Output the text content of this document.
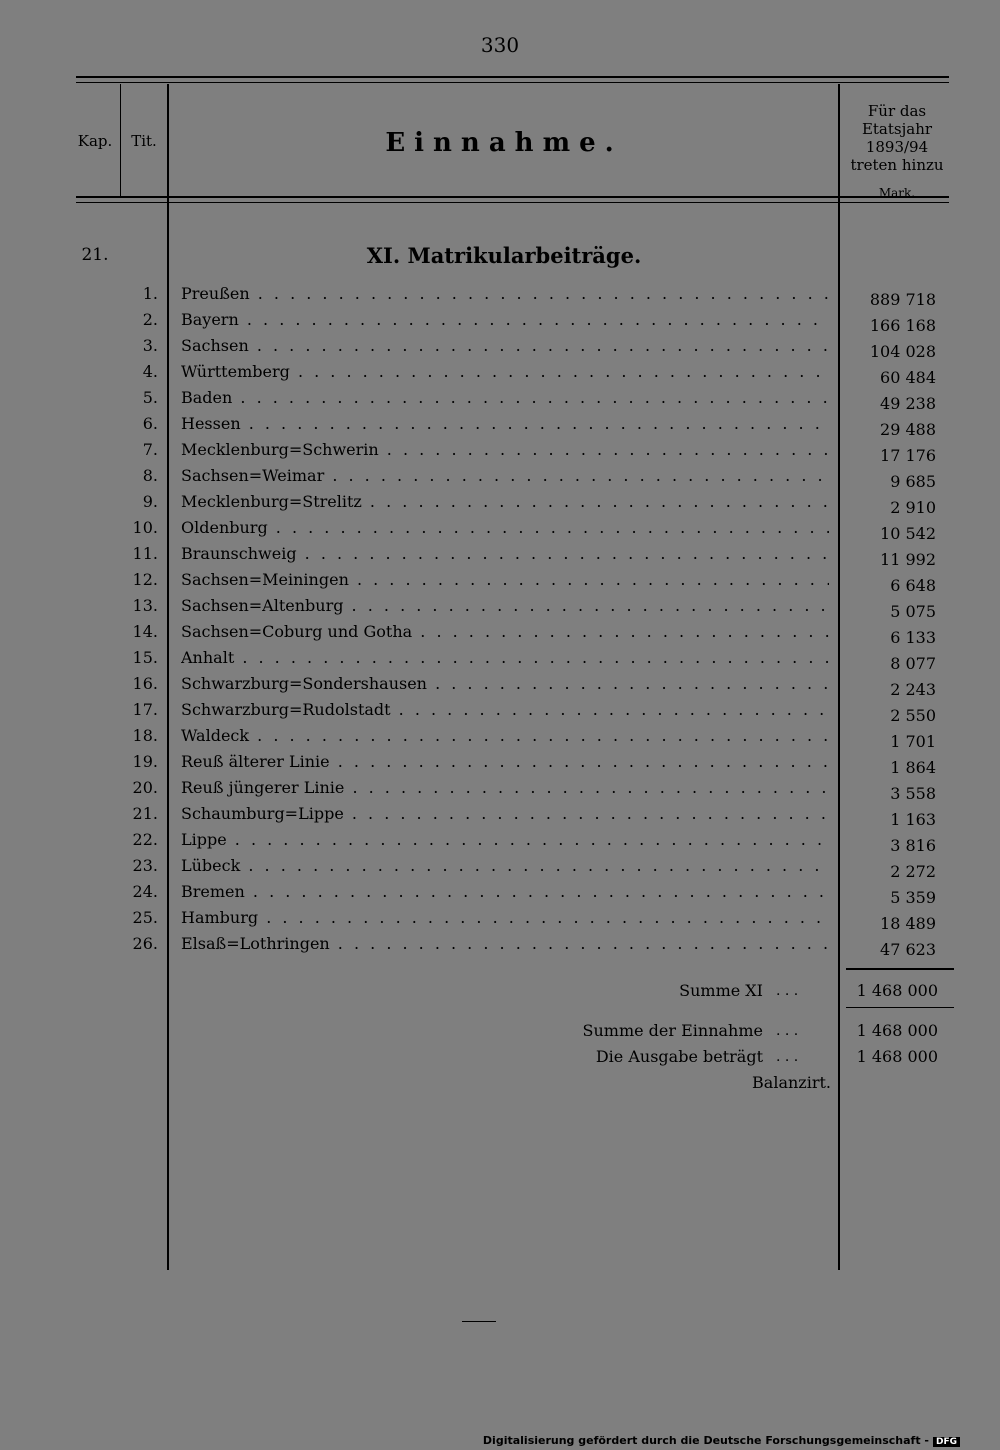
330
Kap.	Tit.	Einnahme.
Für das
Etatsjahr
1893/94
treten hinzu
Mark.
21.	XI. Matrikularbeiträge.
1. Preußen . . .	889 718
2. Bayern . . .	166 168
3. Sachsen . . .	104 028
4. Württemberg . . .	60 484
5. Baden . . .	49 238
6. Hessen . . .	29 488
7. Mecklenburg=Schwerin . . .	17 176
8. Sachsen=Weimar . . .	9 685
9. Mecklenburg=Strelitz . . .	2 910
10. Oldenburg . . .	10 542
11. Braunschweig . . .	11 992
12. Sachsen=Meiningen . . .	6 648
13. Sachsen=Altenburg . . .	5 075
14. Sachsen=Coburg und Gotha . . .	6 133
15. Anhalt . . .	8 077
16. Schwarzburg=Sondershausen . . .	2 243
17. Schwarzburg=Rudolstadt . . .	2 550
18. Waldeck . . .	1 701
19. Reuß älterer Linie . . .	1 864
20. Reuß jüngerer Linie . . .	3 558
21. Schaumburg=Lippe . . .	1 163
22. Lippe . . .	3 816
23. Lübeck . . .	2 272
24. Bremen . . .	5 359
25. Hamburg . . .	18 489
26. Elsaß=Lothringen . . .	47 623
Summe XI . . .	1 468 000
Summe der Einnahme . . .	1 468 000
Die Ausgabe beträgt . . .	1 468 000
Balanzirt.
Digitalisierung gefördert durch die Deutsche Forschungsgemeinschaft - DFG
